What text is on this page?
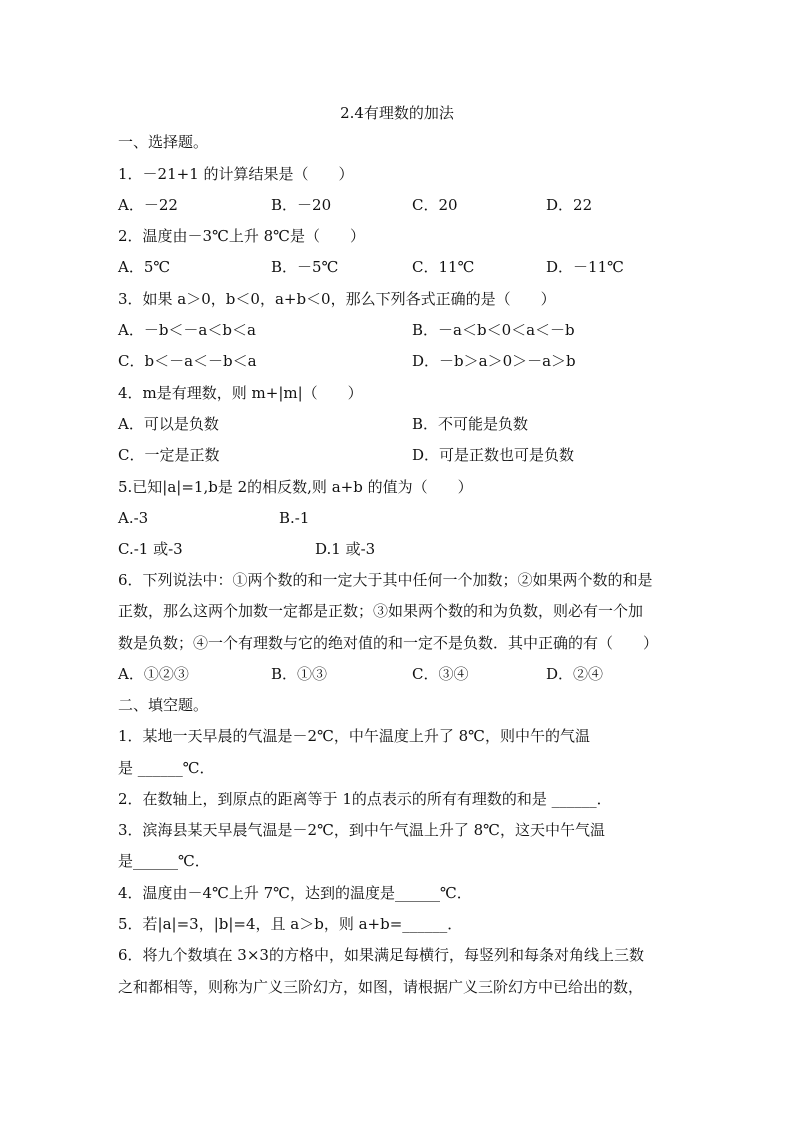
2.4有理数的加法
一、选择题。
1．－21+1 的计算结果是（　　）
A．－22	B．－20	C．20	D．22
2．温度由－3℃上升 8℃是（　　）
A．5℃	B．－5℃	C．11℃	D．－11℃
3．如果 a＞0，b＜0，a+b＜0，那么下列各式正确的是（　　）
A．－b＜－a＜b＜a	B．－a＜b＜0＜a＜－b
C．b＜－a＜－b＜a	D．－b＞a＞0＞－a＞b
4．m是有理数，则 m+|m|（　　）
A．可以是负数	B．不可能是负数
C．一定是正数	D．可是正数也可是负数
5.已知|a|=1,b是 2的相反数,则 a+b 的值为（　　）
A.-3	B.-1
C.-1 或-3	D.1 或-3
6．下列说法中：①两个数的和一定大于其中任何一个加数；②如果两个数的和是
正数，那么这两个加数一定都是正数；③如果两个数的和为负数，则必有一个加
数是负数；④一个有理数与它的绝对值的和一定不是负数．其中正确的有（　　）
A．①②③	B．①③	C．③④	D．②④
二、填空题。
1．某地一天早晨的气温是－2℃，中午温度上升了 8℃，则中午的气温
是 ______℃．
2．在数轴上，到原点的距离等于 1的点表示的所有有理数的和是 ______．
3．滨海县某天早晨气温是－2℃，到中午气温上升了 8℃，这天中午气温
是______℃．
4．温度由－4℃上升 7℃，达到的温度是______℃．
5．若|a|=3，|b|=4，且 a＞b，则 a+b=______．
6．将九个数填在 3×3的方格中，如果满足每横行，每竖列和每条对角线上三数
之和都相等，则称为广义三阶幻方，如图，请根据广义三阶幻方中已给出的数，
